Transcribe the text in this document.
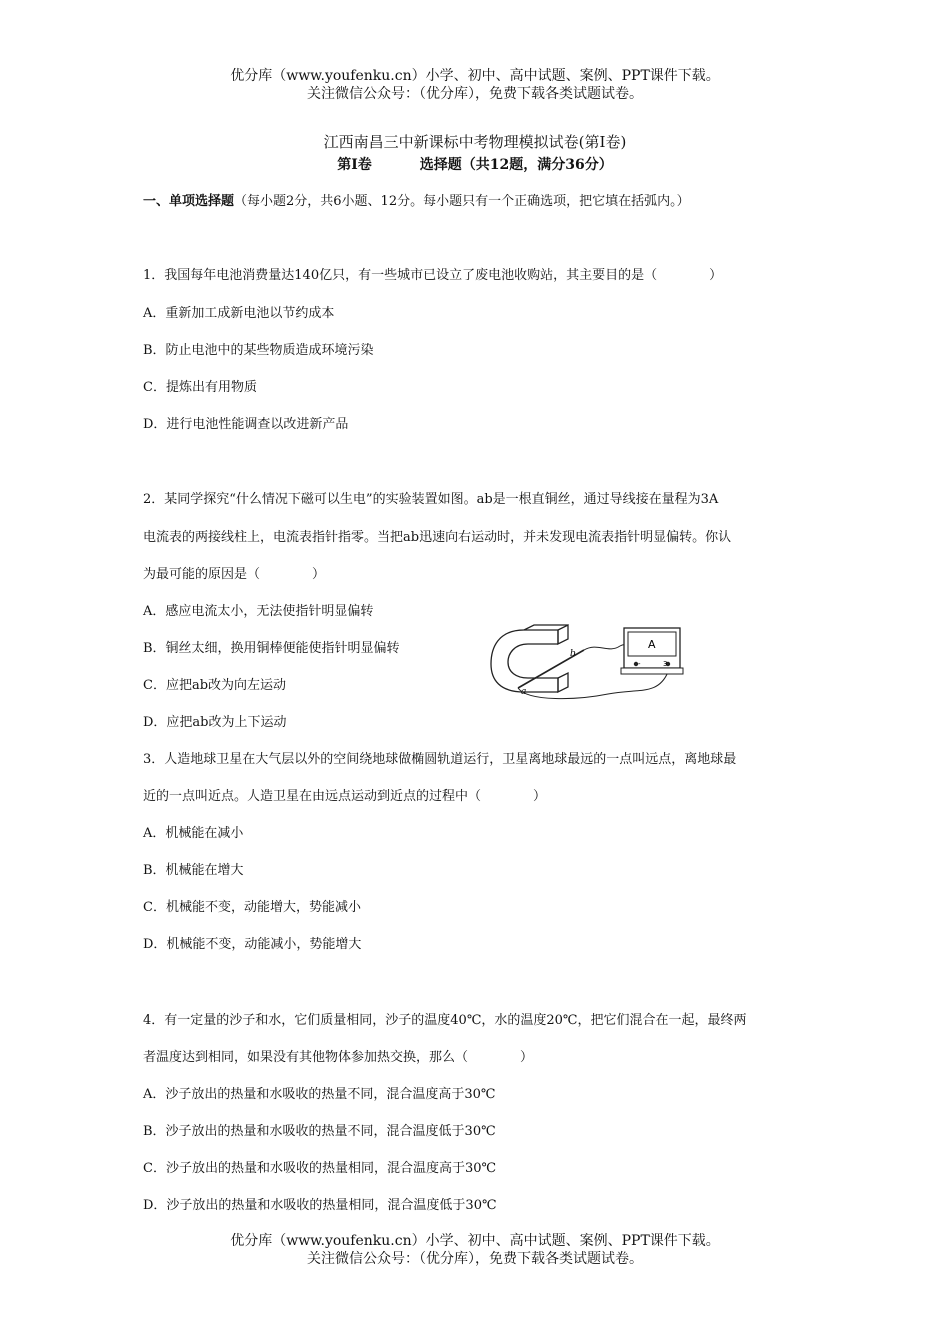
优分库（www.youfenku.cn）小学、初中、高中试题、案例、PPT课件下载。
关注微信公众号：（优分库），免费下载各类试题试卷。
江西南昌三中新课标中考物理模拟试卷(第Ⅰ卷)
第Ⅰ卷	选择题（共12题，满分36分）
一、单项选择题（每小题2分，共6小题、12分。每小题只有一个正确选项，把它填在括弧内。）
1．我国每年电池消费量达140亿只，有一些城市已设立了废电池收购站，其主要目的是（　　　　）
A．重新加工成新电池以节约成本
B．防止电池中的某些物质造成环境污染
C．提炼出有用物质
D．进行电池性能调查以改进新产品
2．某同学探究“什么情况下磁可以生电”的实验装置如图。ab是一根直铜丝，通过导线接在量程为3A
电流表的两接线柱上，电流表指针指零。当把ab迅速向右运动时，并未发现电流表指针明显偏转。你认
为最可能的原因是（　　　　）
A．感应电流太小，无法使指针明显偏转
B．铜丝太细，换用铜棒便能使指针明显偏转
C．应把ab改为向左运动
D．应把ab改为上下运动
a
b
A
-	3
3．人造地球卫星在大气层以外的空间绕地球做椭圆轨道运行，卫星离地球最远的一点叫远点，离地球最
近的一点叫近点。人造卫星在由远点运动到近点的过程中（　　　　）
A．机械能在减小
B．机械能在增大
C．机械能不变，动能增大，势能减小
D．机械能不变，动能减小，势能增大
4．有一定量的沙子和水，它们质量相同，沙子的温度40℃，水的温度20℃，把它们混合在一起，最终两
者温度达到相同，如果没有其他物体参加热交换，那么（　　　　）
A．沙子放出的热量和水吸收的热量不同，混合温度高于30℃
B．沙子放出的热量和水吸收的热量不同，混合温度低于30℃
C．沙子放出的热量和水吸收的热量相同，混合温度高于30℃
D．沙子放出的热量和水吸收的热量相同，混合温度低于30℃
优分库（www.youfenku.cn）小学、初中、高中试题、案例、PPT课件下载。
关注微信公众号：（优分库），免费下载各类试题试卷。
